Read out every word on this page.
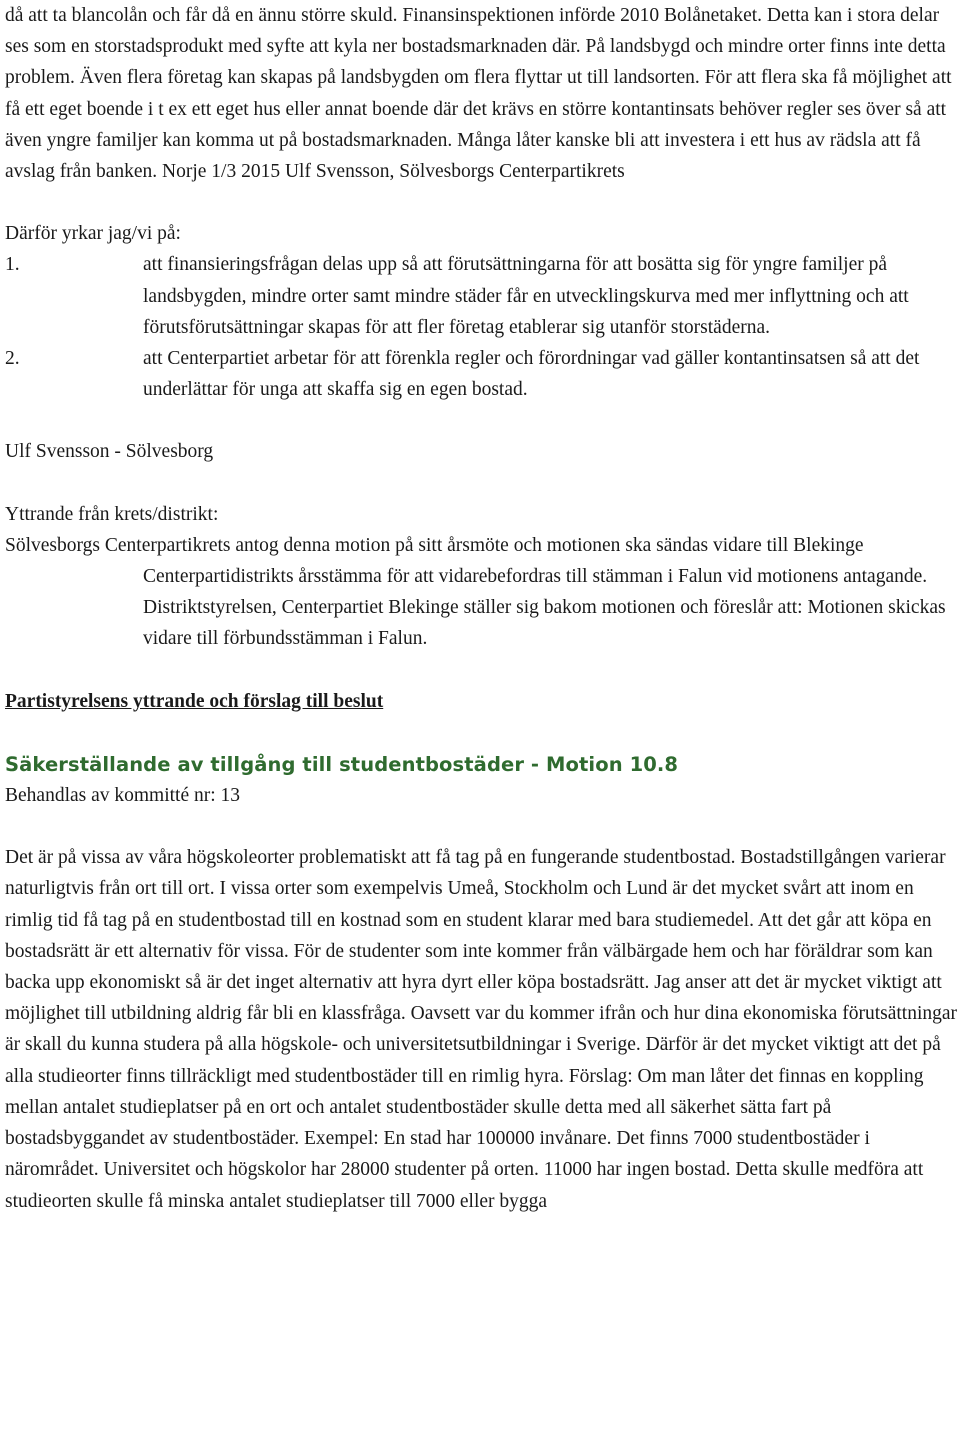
då att ta blancolån och får då en ännu större skuld. Finansinspektionen införde 2010 Bolånetaket. Detta kan i stora delar ses som en storstadsprodukt med syfte att kyla ner bostadsmarknaden där. På landsbygd och mindre orter finns inte detta problem. Även flera företag kan skapas på landsbygden om flera flyttar ut till landsorten. För att flera ska få möjlighet att få ett eget boende i t ex ett eget hus eller annat boende där det krävs en större kontantinsats behöver regler ses över så att även yngre familjer kan komma ut på bostadsmarknaden. Många låter kanske bli att investera i ett hus av rädsla att få avslag från banken. Norje 1/3 2015 Ulf Svensson, Sölvesborgs Centerpartikrets

Därför yrkar jag/vi på:

1.	att finansieringsfrågan delas upp så att förutsättningarna för att bosätta sig för yngre familjer på landsbygden, mindre orter samt mindre städer får en utvecklingskurva med mer inflyttning och att förutsförutsättningar skapas för att fler företag etablerar sig utanför storstäderna.
2.	att Centerpartiet arbetar för att förenkla regler och förordningar vad gäller kontantinsatsen så att det underlättar för unga att skaffa sig en egen bostad.

Ulf Svensson - Sölvesborg

Yttrande från krets/distrikt:

Sölvesborgs Centerpartikrets antog denna motion på sitt årsmöte och motionen ska sändas vidare till Blekinge Centerpartidistrikts årsstämma för att vidarebefordras till stämman i Falun vid motionens antagande. Distriktstyrelsen, Centerpartiet Blekinge ställer sig bakom motionen och föreslår att: Motionen skickas vidare till förbundsstämman i Falun.

Partistyrelsens yttrande och förslag till beslut

Säkerställande av tillgång till studentbostäder - Motion 10.8

Behandlas av kommitté nr: 13

Det är på vissa av våra högskoleorter problematiskt att få tag på en fungerande studentbostad. Bostadstillgången varierar naturligtvis från ort till ort. I vissa orter som exempelvis Umeå, Stockholm och Lund är det mycket svårt att inom en rimlig tid få tag på en studentbostad till en kostnad som en student klarar med bara studiemedel. Att det går att köpa en bostadsrätt är ett alternativ för vissa. För de studenter som inte kommer från välbärgade hem och har föräldrar som kan backa upp ekonomiskt så är det inget alternativ att hyra dyrt eller köpa bostadsrätt. Jag anser att det är mycket viktigt att möjlighet till utbildning aldrig får bli en klassfråga. Oavsett var du kommer ifrån och hur dina ekonomiska förutsättningar är skall du kunna studera på alla högskole- och universitetsutbildningar i Sverige. Därför är det mycket viktigt att det på alla studieorter finns tillräckligt med studentbostäder till en rimlig hyra. Förslag: Om man låter det finnas en koppling mellan antalet studieplatser på en ort och antalet studentbostäder skulle detta med all säkerhet sätta fart på bostadsbyggandet av studentbostäder. Exempel: En stad har 100000 invånare. Det finns 7000 studentbostäder i närområdet. Universitet och högskolor har 28000 studenter på orten. 11000 har ingen bostad. Detta skulle medföra att studieorten skulle få minska antalet studieplatser till 7000 eller bygga
